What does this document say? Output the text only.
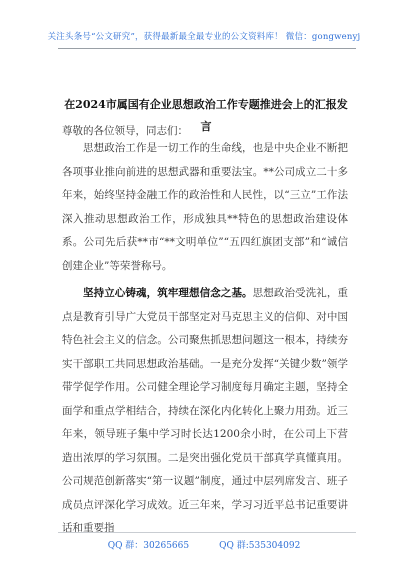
关注头条号“公文研究”，获得最新最全最专业的公文资料库！ 微信：gongwenyj
在2024市属国有企业思想政治工作专题推进会上的汇报发言
尊敬的各位领导，同志们：

思想政治工作是一切工作的生命线，也是中央企业不断把各项事业推向前进的思想武器和重要法宝。**公司成立二十多年来，始终坚持金融工作的政治性和人民性，以“三立”工作法深入推动思想政治工作，形成独具**特色的思想政治建设体系。公司先后获**市“**文明单位”“五四红旗团支部”和“诚信创建企业”等荣誉称号。

坚持立心铸魂，筑牢理想信念之基。思想政治受洗礼，重点是教育引导广大党员干部坚定对马克思主义的信仰、对中国特色社会主义的信念。公司聚焦抓思想问题这一根本，持续夯实干部职工共同思想政治基础。一是充分发挥“关键少数”领学带学促学作用。公司健全理论学习制度每月确定主题，坚持全面学和重点学相结合，持续在深化内化转化上聚力用劲。近三年来，领导班子集中学习时长达1200余小时，在公司上下营造出浓厚的学习氛围。二是突出强化党员干部真学真懂真用。公司规范创新落实“第一议题”制度，通过中层列席发言、班子成员点评深化学习成效。近三年来，学习习近平总书记重要讲话和重要指

QQ 群：30265665	QQ 群:535304092
